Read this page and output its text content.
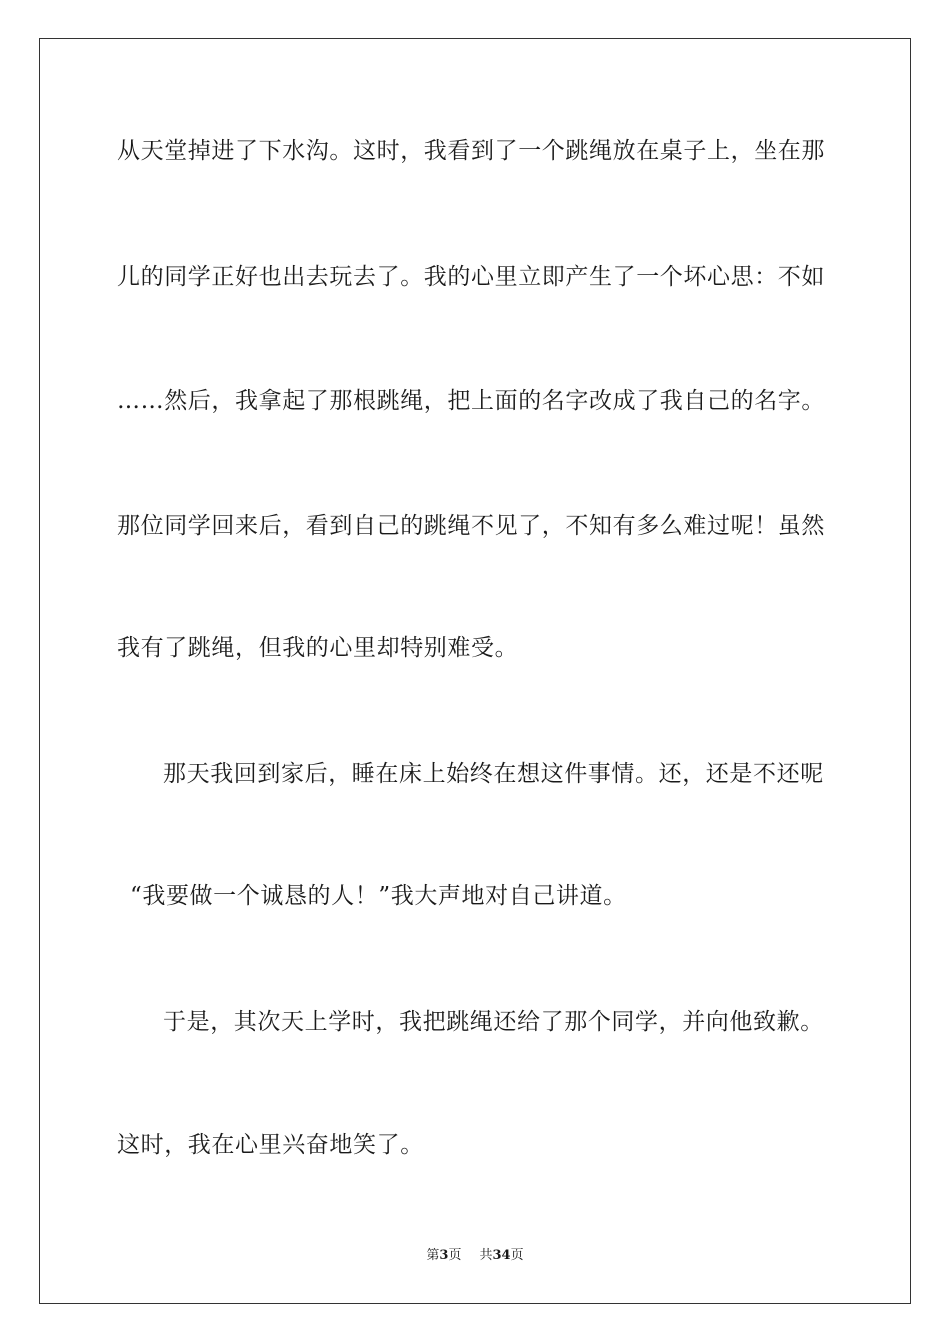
从天堂掉进了下水沟。这时，我看到了一个跳绳放在桌子上，坐在那
儿的同学正好也出去玩去了。我的心里立即产生了一个坏心思：不如
……然后，我拿起了那根跳绳，把上面的名字改成了我自己的名字。
那位同学回来后，看到自己的跳绳不见了，不知有多么难过呢！虽然
我有了跳绳，但我的心里却特别难受。
那天我回到家后，睡在床上始终在想这件事情。还，还是不还呢
“我要做一个诚恳的人！”我大声地对自己讲道。
于是，其次天上学时，我把跳绳还给了那个同学，并向他致歉。
这时，我在心里兴奋地笑了。
第3页 共34页
